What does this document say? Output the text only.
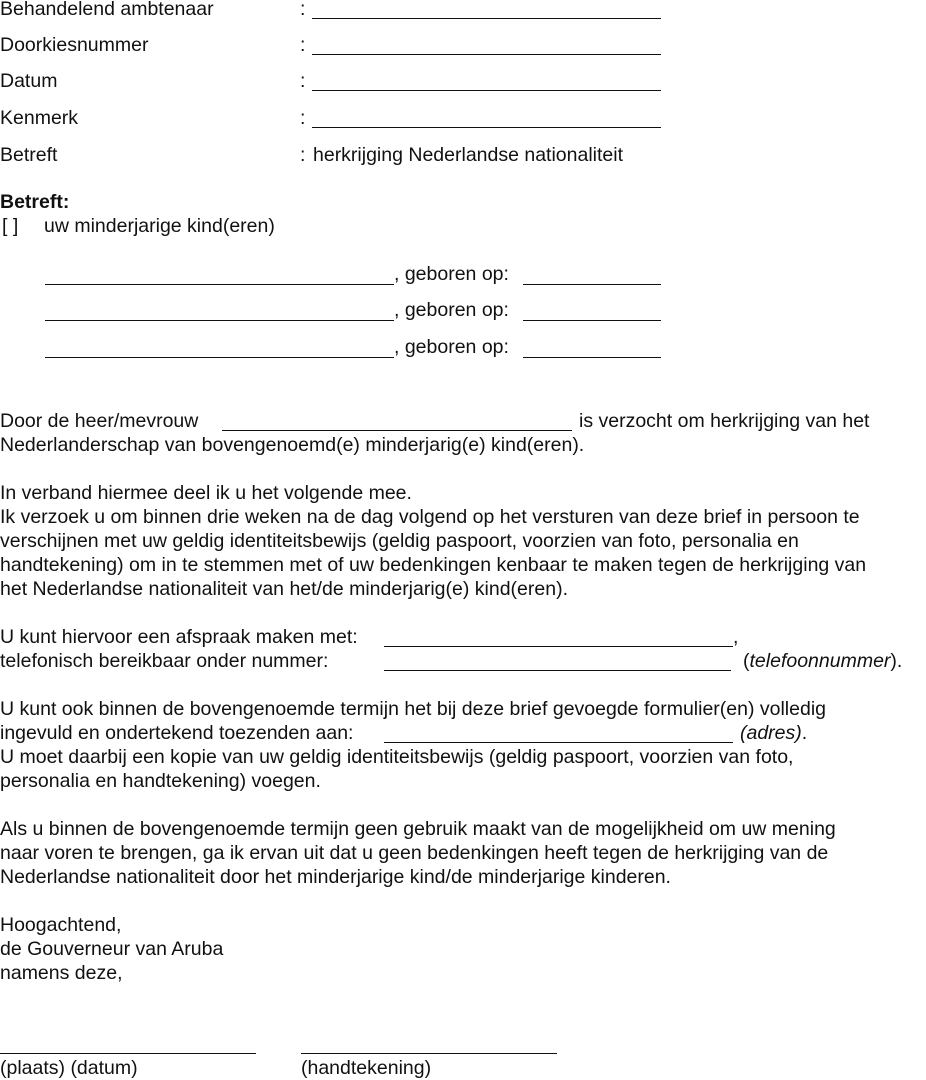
Behandelend ambtenaar	:
Doorkiesnummer	:
Datum	:
Kenmerk	:
Betreft	: herkrijging Nederlandse nationaliteit
Betreft:
[ ] uw minderjarige kind(eren)
, geboren op:
, geboren op:
, geboren op:
Door de heer/mevrouw	is verzocht om herkrijging van het
Nederlanderschap van bovengenoemd(e) minderjarig(e) kind(eren).
In verband hiermee deel ik u het volgende mee.
Ik verzoek u om binnen drie weken na de dag volgend op het versturen van deze brief in persoon te
verschijnen met uw geldig identiteitsbewijs (geldig paspoort, voorzien van foto, personalia en
handtekening) om in te stemmen met of uw bedenkingen kenbaar te maken tegen de herkrijging van
het Nederlandse nationaliteit van het/de minderjarig(e) kind(eren).
U kunt hiervoor een afspraak maken met:	,
telefonisch bereikbaar onder nummer:	(telefoonnummer).
U kunt ook binnen de bovengenoemde termijn het bij deze brief gevoegde formulier(en) volledig
ingevuld en ondertekend toezenden aan:	(adres).
U moet daarbij een kopie van uw geldig identiteitsbewijs (geldig paspoort, voorzien van foto,
personalia en handtekening) voegen.
Als u binnen de bovengenoemde termijn geen gebruik maakt van de mogelijkheid om uw mening
naar voren te brengen, ga ik ervan uit dat u geen bedenkingen heeft tegen de herkrijging van de
Nederlandse nationaliteit door het minderjarige kind/de minderjarige kinderen.
Hoogachtend,
de Gouverneur van Aruba
namens deze,
(plaats) (datum)	(handtekening)
